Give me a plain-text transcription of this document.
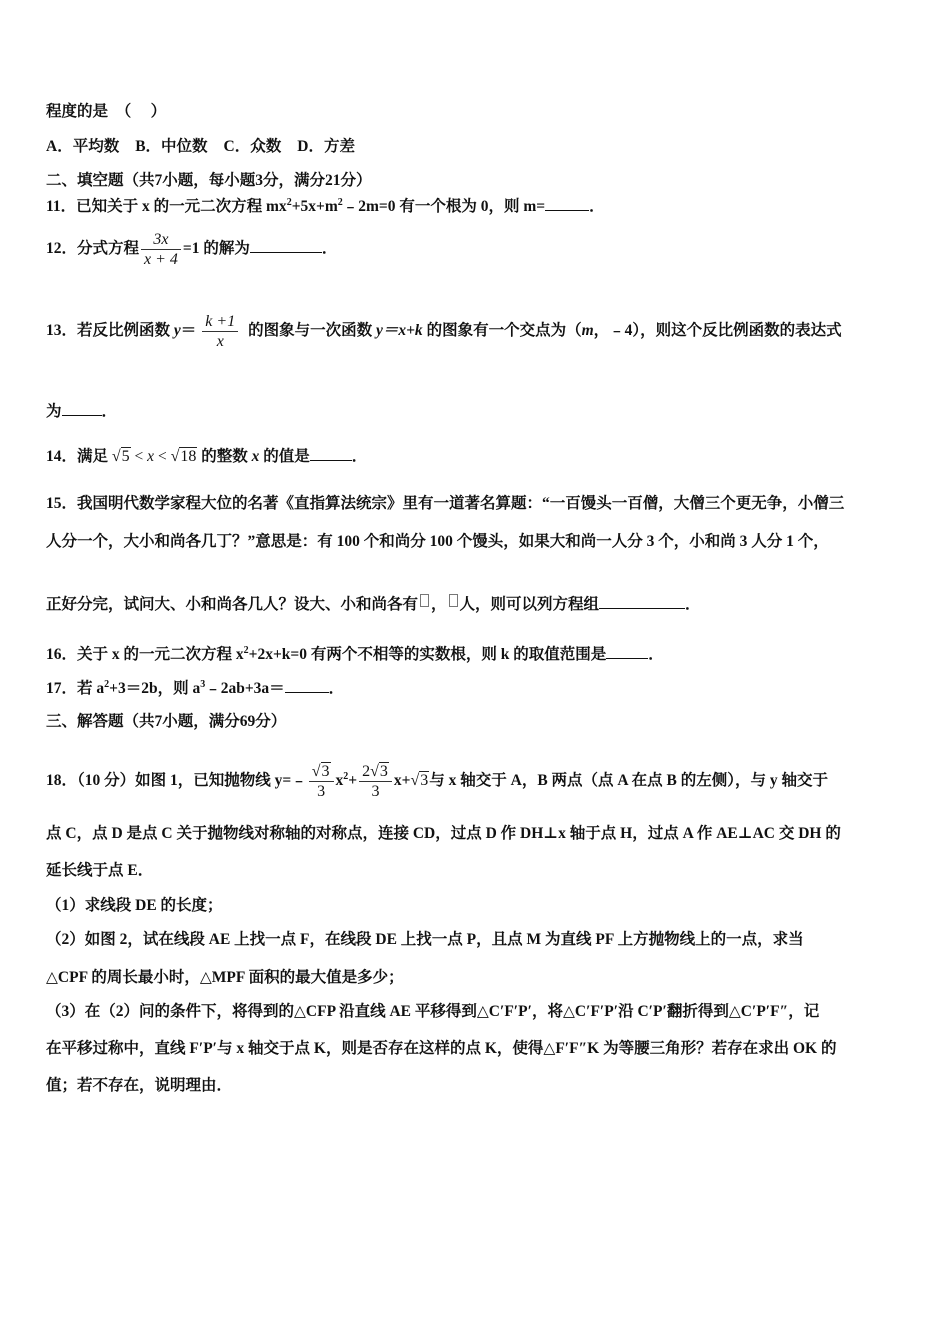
程度的是　（　 ）
A．平均数 B．中位数 C．众数 D．方差
二、填空题（共7小题，每小题3分，满分21分）
11．已知关于 x 的一元二次方程 $mx^2+5x+m^2﹣2m=0$ 有一个根为 0，则 m=	．
12．分式方程 $\frac{3x}{x + 4} =1$ 的解为	．
13．若反比例函数 $y= \frac{k +1}{x}$ 的图象与一次函数 y＝x+k 的图象有一个交点为（m，﹣4），则这个反比例函数的表达式
为	．
14．满足 √5 < x < √18 的整数 x 的值是	．
15．我国明代数学家程大位的名著《直指算法统宗》里有一道著名算题：“一百馒头一百僧，大僧三个更无争，小僧三
人分一个，大小和尚各几丁？”意思是：有 100 个和尚分 100 个馒头，如果大和尚一人分 3 个，小和尚 3 人分 1 个，
正好分完，试问大、小和尚各几人？设大、小和尚各有 ， 人，则可以列方程组	．
16．关于 x 的一元二次方程 $x^2+2x+k=0$ 有两个不相等的实数根，则 k 的取值范围是	．
17．若 $a^2+3=2b$，则 $a^3﹣2ab+3a=$	．
三、解答题（共7小题，满分69分）
18．（10 分）如图 1，已知抛物线 y=﹣ $\frac{√3}{3} x^2+ \frac{2√3}{3} x+√3$与 x 轴交于 A，B 两点（点 A 在点 B 的左侧），与 y 轴交于
点 C，点 D 是点 C 关于抛物线对称轴的对称点，连接 CD，过点 D 作 DH⊥x 轴于点 H，过点 A 作 AE⊥AC 交 DH 的
延长线于点 E．
（1）求线段 DE 的长度；
（2）如图 2，试在线段 AE 上找一点 F，在线段 DE 上找一点 P，且点 M 为直线 PF 上方抛物线上的一点，求当
△CPF 的周长最小时，△MPF 面积的最大值是多少；
（3）在（2）问的条件下，将得到的△CFP 沿直线 AE 平移得到△C′F′P′，将△C′F′P′沿 C′P′翻折得到△C′P′F″，记
在平移过称中，直线 F′P′与 x 轴交于点 K，则是否存在这样的点 K，使得△F′F″K 为等腰三角形？若存在求出 OK 的
值；若不存在，说明理由．
